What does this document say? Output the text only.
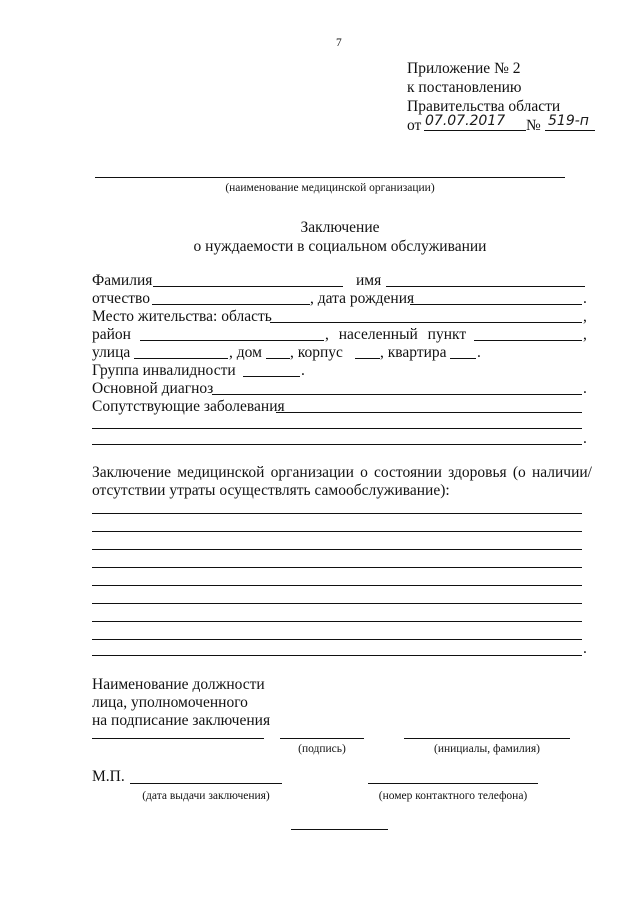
7
Приложение № 2
к постановлению
Правительства области
от 07.07.2017 № 519-п
(наименование медицинской организации)
Заключение
о нуждаемости в социальном обслуживании
Фамилия	имя
отчество	, дата рождения	.
Место жительства: область	,
район	, населенный пункт	,
улица	, дом , корпус , квартира .
Группа инвалидности	.
Основной диагноз	.
Сопутствующие заболевания
.
Заключение медицинской организации о состоянии здоровья (о наличии/
отсутствии утраты осуществлять самообслуживание):
.
Наименование должности
лица, уполномоченного
на подписание заключения
(подпись)	(инициалы, фамилия)
М.П.
(дата выдачи заключения)	(номер контактного телефона)
